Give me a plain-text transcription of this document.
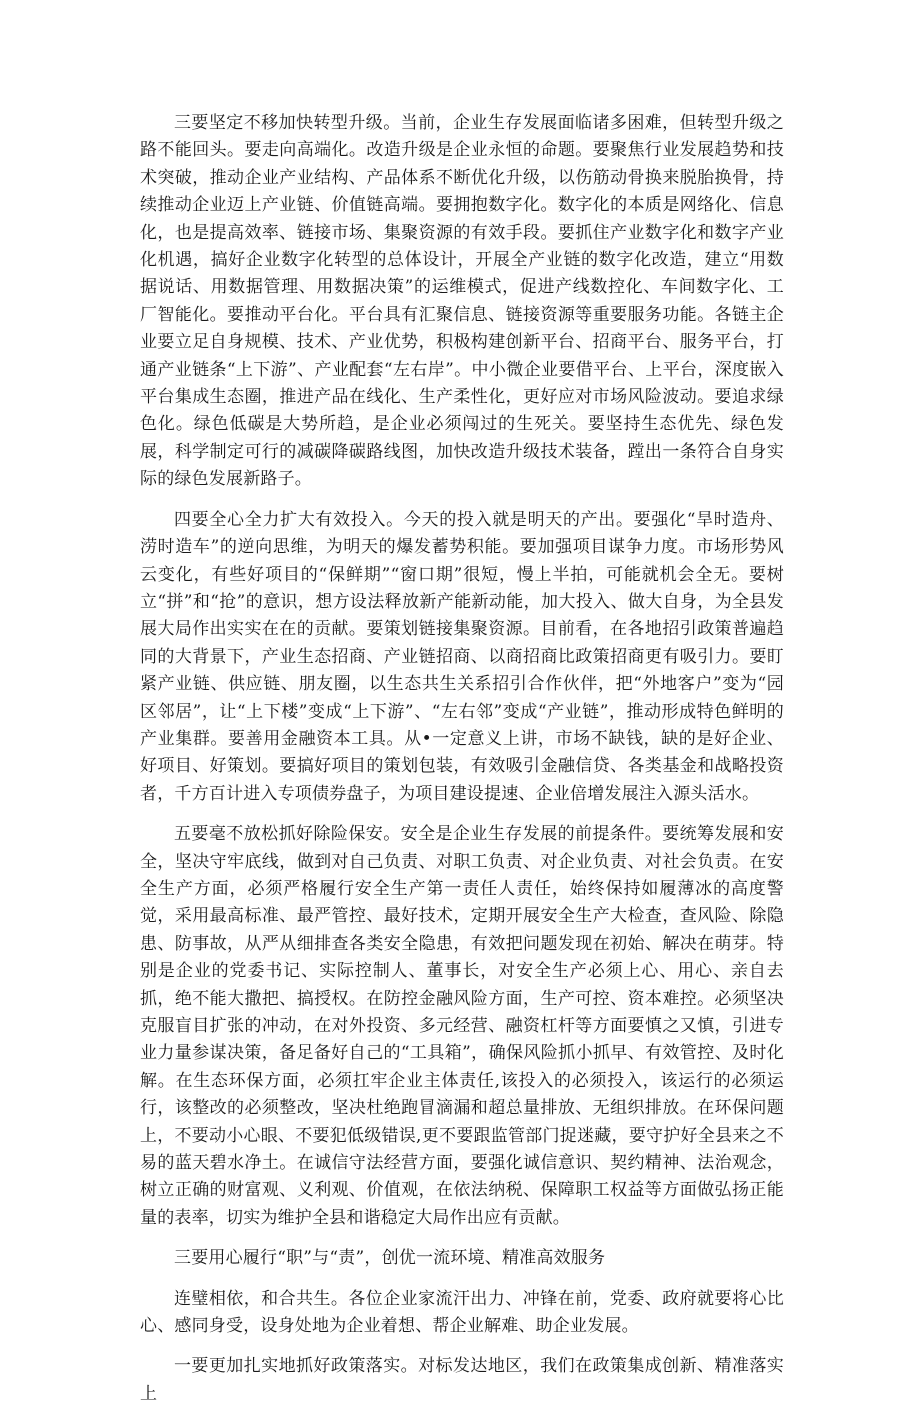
三要坚定不移加快转型升级。当前，企业生存发展面临诸多困难，但转型升级之路不能回头。要走向高端化。改造升级是企业永恒的命题。要聚焦行业发展趋势和技术突破，推动企业产业结构、产品体系不断优化升级，以伤筋动骨换来脱胎换骨，持续推动企业迈上产业链、价值链高端。要拥抱数字化。数字化的本质是网络化、信息化，也是提高效率、链接市场、集聚资源的有效手段。要抓住产业数字化和数字产业化机遇，搞好企业数字化转型的总体设计，开展全产业链的数字化改造，建立“用数据说话、用数据管理、用数据决策”的运维模式，促进产线数控化、车间数字化、工厂智能化。要推动平台化。平台具有汇聚信息、链接资源等重要服务功能。各链主企业要立足自身规模、技术、产业优势，积极构建创新平台、招商平台、服务平台，打通产业链条“上下游”、产业配套“左右岸”。中小微企业要借平台、上平台，深度嵌入平台集成生态圈，推进产品在线化、生产柔性化，更好应对市场风险波动。要追求绿色化。绿色低碳是大势所趋，是企业必须闯过的生死关。要坚持生态优先、绿色发展，科学制定可行的减碳降碳路线图，加快改造升级技术装备，蹚出一条符合自身实际的绿色发展新路子。

四要全心全力扩大有效投入。今天的投入就是明天的产出。要强化“旱时造舟、涝时造车”的逆向思维，为明天的爆发蓄势积能。要加强项目谋争力度。市场形势风云变化，有些好项目的“保鲜期”“窗口期”很短，慢上半拍，可能就机会全无。要树立“拼”和“抢”的意识，想方设法释放新产能新动能，加大投入、做大自身，为全县发展大局作出实实在在的贡献。要策划链接集聚资源。目前看，在各地招引政策普遍趋同的大背景下，产业生态招商、产业链招商、以商招商比政策招商更有吸引力。要盯紧产业链、供应链、朋友圈，以生态共生关系招引合作伙伴，把“外地客户”变为“园区邻居”，让“上下楼”变成“上下游”、“左右邻”变成“产业链”，推动形成特色鲜明的产业集群。要善用金融资本工具。从•一定意义上讲，市场不缺钱，缺的是好企业、好项目、好策划。要搞好项目的策划包装，有效吸引金融信贷、各类基金和战略投资者，千方百计进入专项债券盘子，为项目建设提速、企业倍增发展注入源头活水。

五要毫不放松抓好除险保安。安全是企业生存发展的前提条件。要统筹发展和安全，坚决守牢底线，做到对自己负责、对职工负责、对企业负责、对社会负责。在安全生产方面，必须严格履行安全生产第一责任人责任，始终保持如履薄冰的高度警觉，采用最高标准、最严管控、最好技术，定期开展安全生产大检查，查风险、除隐患、防事故，从严从细排查各类安全隐患，有效把问题发现在初始、解决在萌芽。特别是企业的党委书记、实际控制人、董事长，对安全生产必须上心、用心、亲自去抓，绝不能大撒把、搞授权。在防控金融风险方面，生产可控、资本难控。必须坚决克服盲目扩张的冲动，在对外投资、多元经营、融资杠杆等方面要慎之又慎，引进专业力量参谋决策，备足备好自己的“工具箱”，确保风险抓小抓早、有效管控、及时化解。在生态环保方面，必须扛牢企业主体责任,该投入的必须投入，该运行的必须运行，该整改的必须整改，坚决杜绝跑冒滴漏和超总量排放、无组织排放。在环保问题上，不要动小心眼、不要犯低级错误,更不要跟监管部门捉迷藏，要守护好全县来之不易的蓝天碧水净土。在诚信守法经营方面，要强化诚信意识、契约精神、法治观念，树立正确的财富观、义利观、价值观，在依法纳税、保障职工权益等方面做弘扬正能量的表率，切实为维护全县和谐稳定大局作出应有贡献。

三要用心履行“职”与“责”，创优一流环境、精准高效服务

连璧相依，和合共生。各位企业家流汗出力、冲锋在前，党委、政府就要将心比心、感同身受，设身处地为企业着想、帮企业解难、助企业发展。

一要更加扎实地抓好政策落实。对标发达地区，我们在政策集成创新、精准落实上
